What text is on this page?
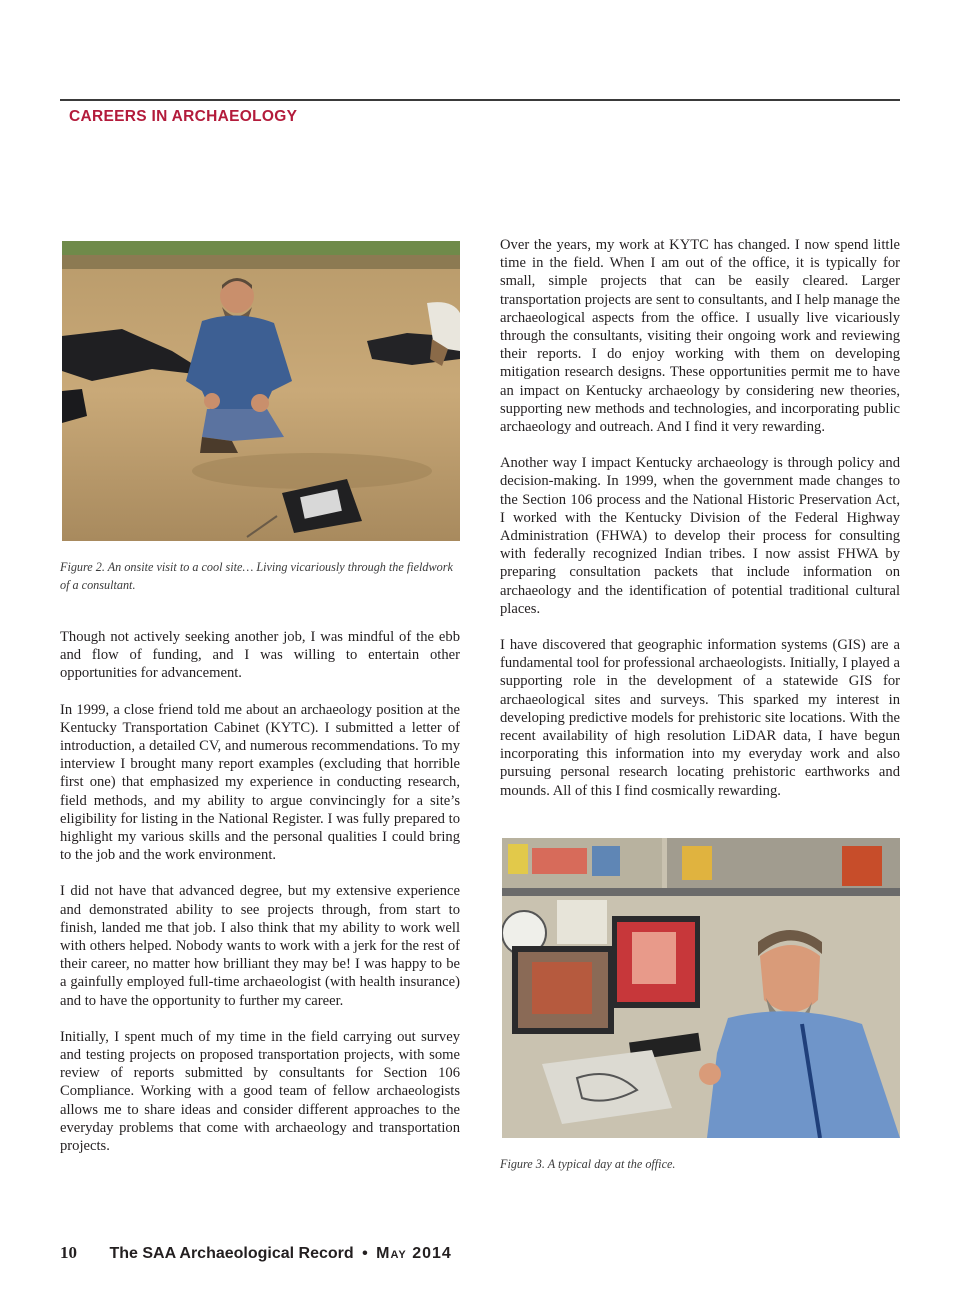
CAREERS IN ARCHAEOLOGY
Figure 2. An onsite visit to a cool site… Living vicariously through the fieldwork of a consultant.

Though not actively seeking another job, I was mindful of the ebb and flow of funding, and I was willing to entertain other opportunities for advancement.

In 1999, a close friend told me about an archaeology position at the Kentucky Transportation Cabinet (KYTC). I submitted a letter of introduction, a detailed CV, and numerous recommendations. To my interview I brought many report examples (excluding that horrible first one) that emphasized my experience in conducting research, field methods, and my ability to argue convincingly for a site’s eligibility for listing in the National Register. I was fully prepared to highlight my various skills and the personal qualities I could bring to the job and the work environment.

I did not have that advanced degree, but my extensive experience and demonstrated ability to see projects through, from start to finish, landed me that job. I also think that my ability to work well with others helped. Nobody wants to work with a jerk for the rest of their career, no matter how brilliant they may be! I was happy to be a gainfully employed full-time archaeologist (with health insurance) and to have the opportunity to further my career.

Initially, I spent much of my time in the field carrying out survey and testing projects on proposed transportation projects, with some review of reports submitted by consultants for Section 106 Compliance. Working with a good team of fellow archaeologists allows me to share ideas and consider different approaches to the everyday problems that come with archaeology and transportation projects.

Over the years, my work at KYTC has changed. I now spend little time in the field. When I am out of the office, it is typically for small, simple projects that can be easily cleared. Larger transportation projects are sent to consultants, and I help manage the archaeological aspects from the office. I usually live vicariously through the consultants, visiting their ongoing work and reviewing their reports. I do enjoy working with them on developing mitigation research designs. These opportunities permit me to have an impact on Kentucky archaeology by considering new theories, supporting new methods and technologies, and incorporating public archaeology and outreach. And I find it very rewarding.

Another way I impact Kentucky archaeology is through policy and decision-making. In 1999, when the government made changes to the Section 106 process and the National Historic Preservation Act, I worked with the Kentucky Division of the Federal Highway Administration (FHWA) to develop their process for consulting with federally recognized Indian tribes. I now assist FHWA by preparing consultation packets that include information on archaeology and the identification of potential traditional cultural places.

I have discovered that geographic information systems (GIS) are a fundamental tool for professional archaeologists. Initially, I played a supporting role in the development of a statewide GIS for archaeological sites and surveys. This sparked my interest in developing predictive models for prehistoric site locations. With the recent availability of high resolution LiDAR data, I have begun incorporating this information into my everyday work and also pursuing personal research locating prehistoric earthworks and mounds. All of this I find cosmically rewarding.

Figure 3. A typical day at the office.
10 The SAA Archaeological Record • May 2014
